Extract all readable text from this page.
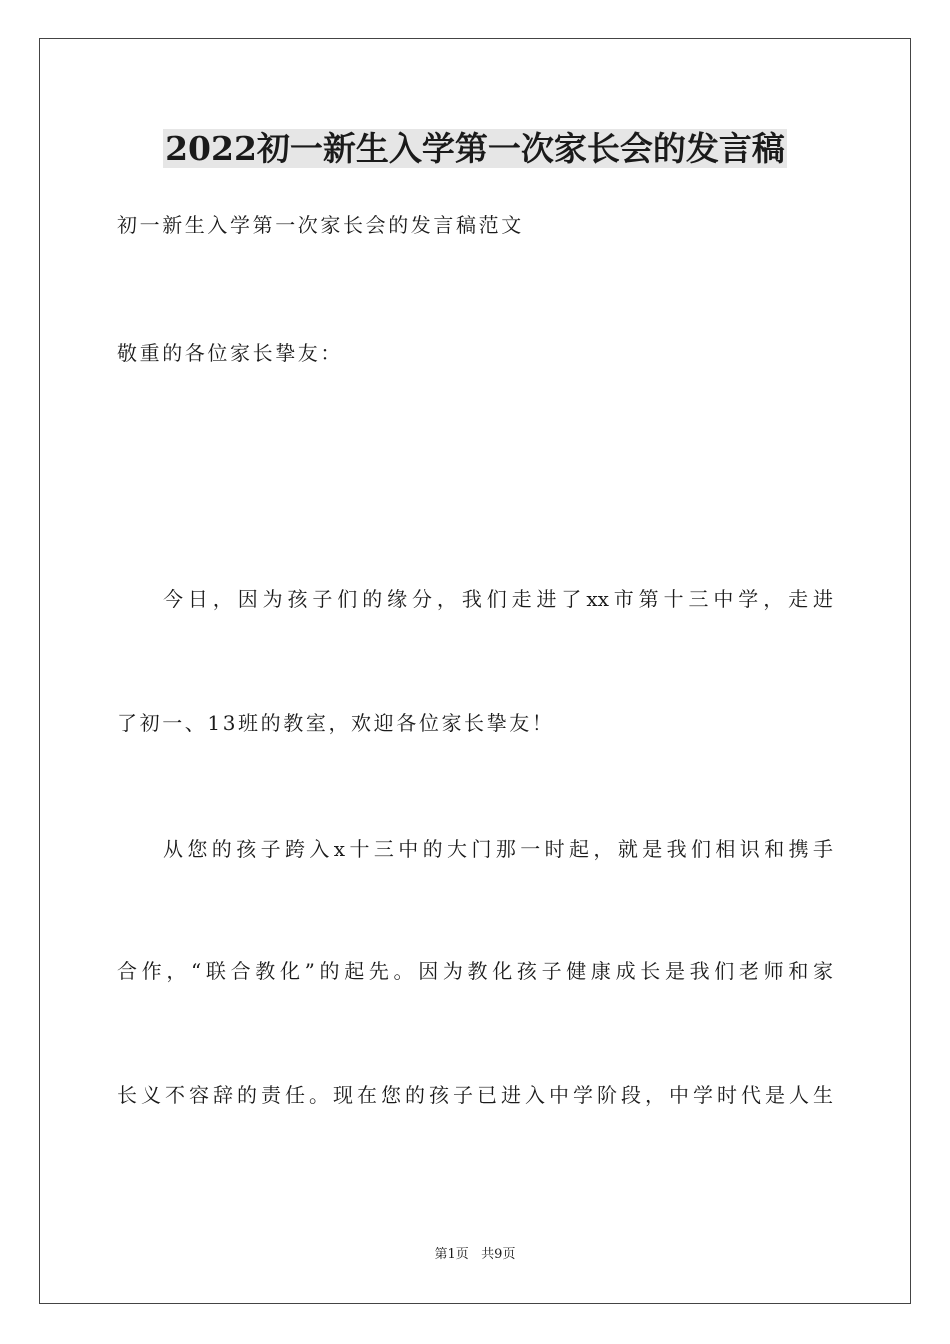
2022初一新生入学第一次家长会的发言稿

初一新生入学第一次家长会的发言稿范文

敬重的各位家长挚友：

今日，因为孩子们的缘分，我们走进了xx市第十三中学，走进

了初一、13班的教室，欢迎各位家长挚友！

从您的孩子跨入x十三中的大门那一时起，就是我们相识和携手

合作，“联合教化”的起先。因为教化孩子健康成长是我们老师和家

长义不容辞的责任。现在您的孩子已进入中学阶段，中学时代是人生

第1页   共9页
